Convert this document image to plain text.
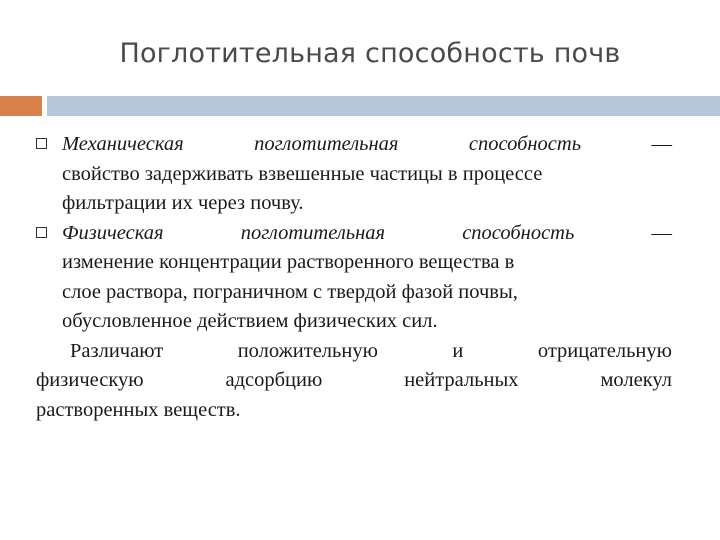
Поглотительная способность почв
Механическая	поглотительная	способность	—
свойство задерживать взвешенные частицы в процессе
фильтрации их через почву.
Физическая	поглотительная	способность	—
изменение концентрации растворенного вещества в
слое раствора, пограничном с твердой фазой почвы,
обусловленное действием физических сил.
Различают	положительную	и	отрицательную
физическую	адсорбцию	нейтральных	молекул
растворенных веществ.
